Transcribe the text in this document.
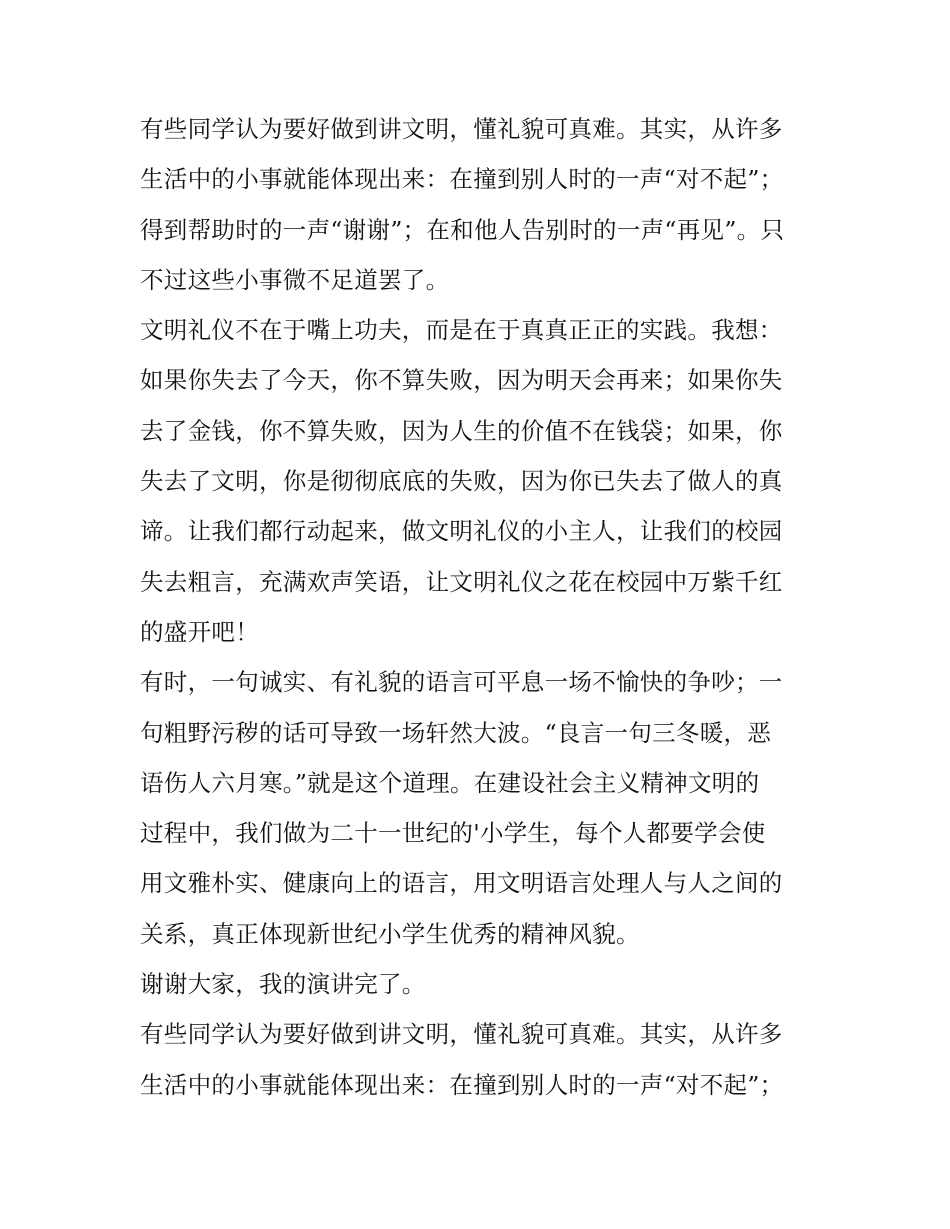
有些同学认为要好做到讲文明，懂礼貌可真难。其实，从许多
生活中的小事就能体现出来：在撞到别人时的一声“对不起”；
得到帮助时的一声“谢谢”；在和他人告别时的一声“再见”。只
不过这些小事微不足道罢了。
文明礼仪不在于嘴上功夫，而是在于真真正正的实践。我想：
如果你失去了今天，你不算失败，因为明天会再来；如果你失
去了金钱，你不算失败，因为人生的价值不在钱袋；如果，你
失去了文明，你是彻彻底底的失败，因为你已失去了做人的真
谛。让我们都行动起来，做文明礼仪的小主人，让我们的校园
失去粗言，充满欢声笑语，让文明礼仪之花在校园中万紫千红
的盛开吧！
有时，一句诚实、有礼貌的语言可平息一场不愉快的争吵；一
句粗野污秽的话可导致一场轩然大波。“良言一句三冬暖，恶
语伤人六月寒。”就是这个道理。在建设社会主义精神文明的
过程中，我们做为二十一世纪的'小学生，每个人都要学会使
用文雅朴实、健康向上的语言，用文明语言处理人与人之间的
关系，真正体现新世纪小学生优秀的精神风貌。
谢谢大家，我的演讲完了。
有些同学认为要好做到讲文明，懂礼貌可真难。其实，从许多
生活中的小事就能体现出来：在撞到别人时的一声“对不起”；
